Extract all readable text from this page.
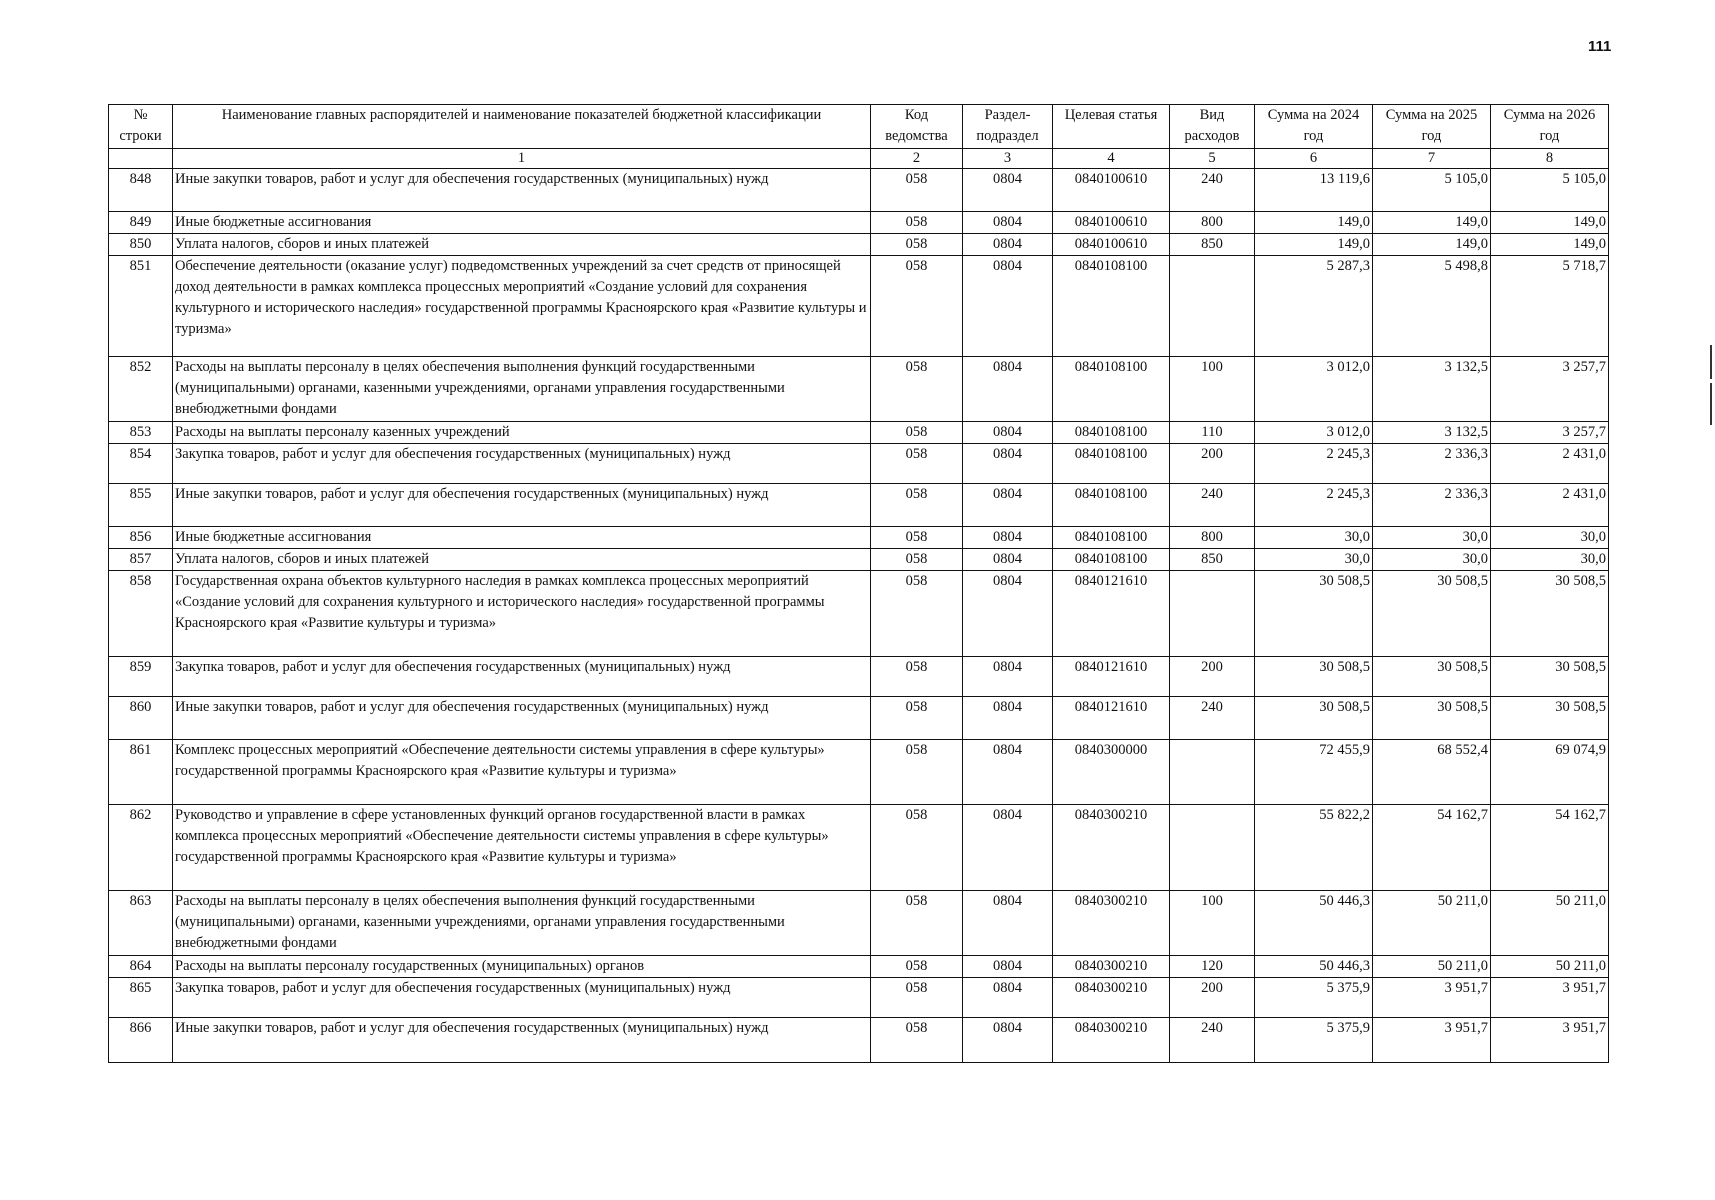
111
№ строки	Наименование главных распорядителей и наименование показателей бюджетной классификации	Код ведомства	Раздел-подраздел	Целевая статья	Вид расходов	Сумма на 2024 год	Сумма на 2025 год	Сумма на 2026 год
	1	2	3	4	5	6	7	8
848	Иные закупки товаров, работ и услуг для обеспечения государственных (муниципальных) нужд	058	0804	0840100610	240	13 119,6	5 105,0	5 105,0
849	Иные бюджетные ассигнования	058	0804	0840100610	800	149,0	149,0	149,0
850	Уплата налогов, сборов и иных платежей	058	0804	0840100610	850	149,0	149,0	149,0
851	Обеспечение деятельности (оказание услуг) подведомственных учреждений за счет средств от приносящей доход деятельности в рамках комплекса процессных мероприятий «Создание условий для сохранения культурного и исторического наследия» государственной программы Красноярского края «Развитие культуры и туризма»	058	0804	0840108100		5 287,3	5 498,8	5 718,7
852	Расходы на выплаты персоналу в целях обеспечения выполнения функций государственными (муниципальными) органами, казенными учреждениями, органами управления государственными внебюджетными фондами	058	0804	0840108100	100	3 012,0	3 132,5	3 257,7
853	Расходы на выплаты персоналу казенных учреждений	058	0804	0840108100	110	3 012,0	3 132,5	3 257,7
854	Закупка товаров, работ и услуг для обеспечения государственных (муниципальных) нужд	058	0804	0840108100	200	2 245,3	2 336,3	2 431,0
855	Иные закупки товаров, работ и услуг для обеспечения государственных (муниципальных) нужд	058	0804	0840108100	240	2 245,3	2 336,3	2 431,0
856	Иные бюджетные ассигнования	058	0804	0840108100	800	30,0	30,0	30,0
857	Уплата налогов, сборов и иных платежей	058	0804	0840108100	850	30,0	30,0	30,0
858	Государственная охрана объектов культурного наследия в рамках комплекса процессных мероприятий «Создание условий для сохранения культурного и исторического наследия» государственной программы Красноярского края «Развитие культуры и туризма»	058	0804	0840121610		30 508,5	30 508,5	30 508,5
859	Закупка товаров, работ и услуг для обеспечения государственных (муниципальных) нужд	058	0804	0840121610	200	30 508,5	30 508,5	30 508,5
860	Иные закупки товаров, работ и услуг для обеспечения государственных (муниципальных) нужд	058	0804	0840121610	240	30 508,5	30 508,5	30 508,5
861	Комплекс процессных мероприятий «Обеспечение деятельности системы управления в сфере культуры» государственной программы Красноярского края «Развитие культуры и туризма»	058	0804	0840300000		72 455,9	68 552,4	69 074,9
862	Руководство и управление в сфере установленных функций органов государственной власти в рамках комплекса процессных мероприятий «Обеспечение деятельности системы управления в сфере культуры» государственной программы Красноярского края «Развитие культуры и туризма»	058	0804	0840300210		55 822,2	54 162,7	54 162,7
863	Расходы на выплаты персоналу в целях обеспечения выполнения функций государственными (муниципальными) органами, казенными учреждениями, органами управления государственными внебюджетными фондами	058	0804	0840300210	100	50 446,3	50 211,0	50 211,0
864	Расходы на выплаты персоналу государственных (муниципальных) органов	058	0804	0840300210	120	50 446,3	50 211,0	50 211,0
865	Закупка товаров, работ и услуг для обеспечения государственных (муниципальных) нужд	058	0804	0840300210	200	5 375,9	3 951,7	3 951,7
866	Иные закупки товаров, работ и услуг для обеспечения государственных (муниципальных) нужд	058	0804	0840300210	240	5 375,9	3 951,7	3 951,7
